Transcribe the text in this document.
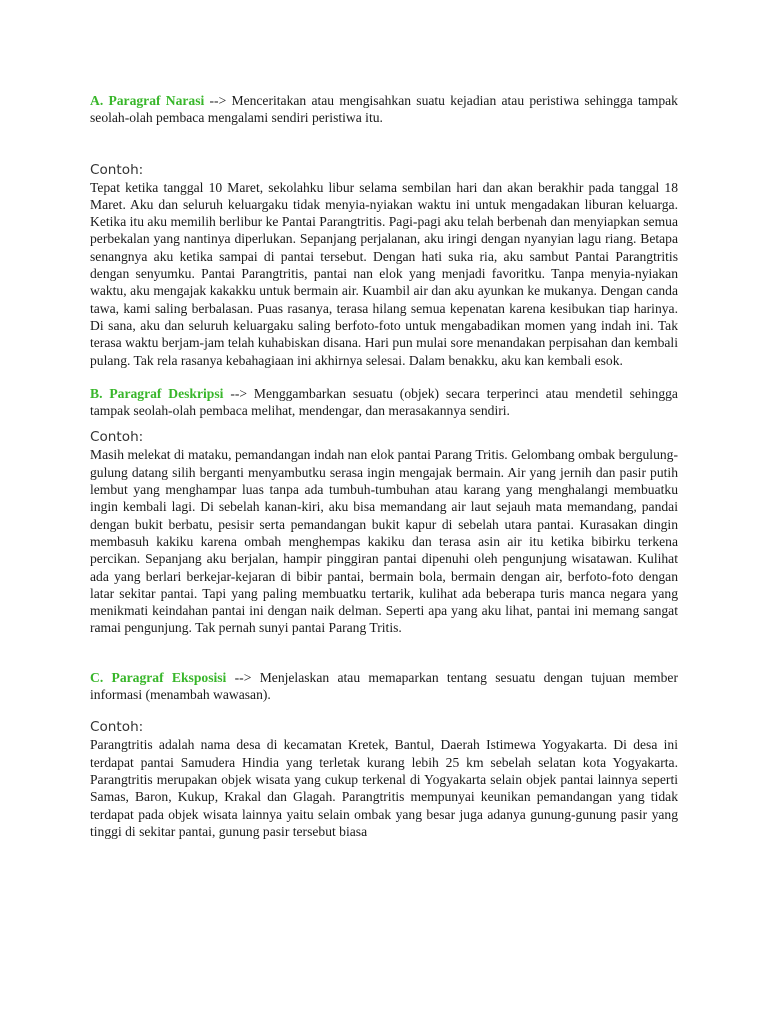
A. Paragraf Narasi --> Menceritakan atau mengisahkan suatu kejadian atau peristiwa sehingga tampak seolah-olah pembaca mengalami sendiri peristiwa itu.

Contoh:

Tepat ketika tanggal 10 Maret, sekolahku libur selama sembilan hari dan akan berakhir pada tanggal 18 Maret. Aku dan seluruh keluargaku tidak menyia-nyiakan waktu ini untuk mengadakan liburan keluarga. Ketika itu aku memilih berlibur ke Pantai Parangtritis. Pagi-pagi aku telah berbenah dan menyiapkan semua perbekalan yang nantinya diperlukan. Sepanjang perjalanan, aku iringi dengan nyanyian lagu riang. Betapa senangnya aku ketika sampai di pantai tersebut. Dengan hati suka ria, aku sambut Pantai Parangtritis dengan senyumku. Pantai Parangtritis, pantai nan elok yang menjadi favoritku. Tanpa menyia-nyiakan waktu, aku mengajak kakakku untuk bermain air. Kuambil air dan aku ayunkan ke mukanya. Dengan canda tawa, kami saling berbalasan. Puas rasanya, terasa hilang semua kepenatan karena kesibukan tiap harinya. Di sana, aku dan seluruh keluargaku saling berfoto-foto untuk mengabadikan momen yang indah ini. Tak terasa waktu berjam-jam telah kuhabiskan disana. Hari pun mulai sore menandakan perpisahan dan kembali pulang. Tak rela rasanya kebahagiaan ini akhirnya selesai. Dalam benakku, aku kan kembali esok.

B. Paragraf Deskripsi --> Menggambarkan sesuatu (objek) secara terperinci atau mendetil sehingga tampak seolah-olah pembaca melihat, mendengar, dan merasakannya sendiri.

Contoh:

Masih melekat di mataku, pemandangan indah nan elok pantai Parang Tritis. Gelombang ombak bergulung-gulung datang silih berganti menyambutku serasa ingin mengajak bermain. Air yang jernih dan pasir putih lembut yang menghampar luas tanpa ada tumbuh-tumbuhan atau karang yang menghalangi membuatku ingin kembali lagi. Di sebelah kanan-kiri, aku bisa memandang air laut sejauh mata memandang, pandai dengan bukit berbatu, pesisir serta pemandangan bukit kapur di sebelah utara pantai. Kurasakan dingin membasuh kakiku karena ombah menghempas kakiku dan terasa asin air itu ketika bibirku terkena percikan. Sepanjang aku berjalan, hampir pinggiran pantai dipenuhi oleh pengunjung wisatawan. Kulihat ada yang berlari berkejar-kejaran di bibir pantai, bermain bola, bermain dengan air, berfoto-foto dengan latar sekitar pantai. Tapi yang paling membuatku tertarik, kulihat ada beberapa turis manca negara yang menikmati keindahan pantai ini dengan naik delman. Seperti apa yang aku lihat, pantai ini memang sangat ramai pengunjung. Tak pernah sunyi pantai Parang Tritis.

C. Paragraf Eksposisi --> Menjelaskan atau memaparkan tentang sesuatu dengan tujuan member informasi (menambah wawasan).

Contoh:

Parangtritis adalah nama desa di kecamatan Kretek, Bantul, Daerah Istimewa Yogyakarta. Di desa ini terdapat pantai Samudera Hindia yang terletak kurang lebih 25 km sebelah selatan kota Yogyakarta. Parangtritis merupakan objek wisata yang cukup terkenal di Yogyakarta selain objek pantai lainnya seperti Samas, Baron, Kukup, Krakal dan Glagah. Parangtritis mempunyai keunikan pemandangan yang tidak terdapat pada objek wisata lainnya yaitu selain ombak yang besar juga adanya gunung-gunung pasir yang tinggi di sekitar pantai, gunung pasir tersebut biasa
